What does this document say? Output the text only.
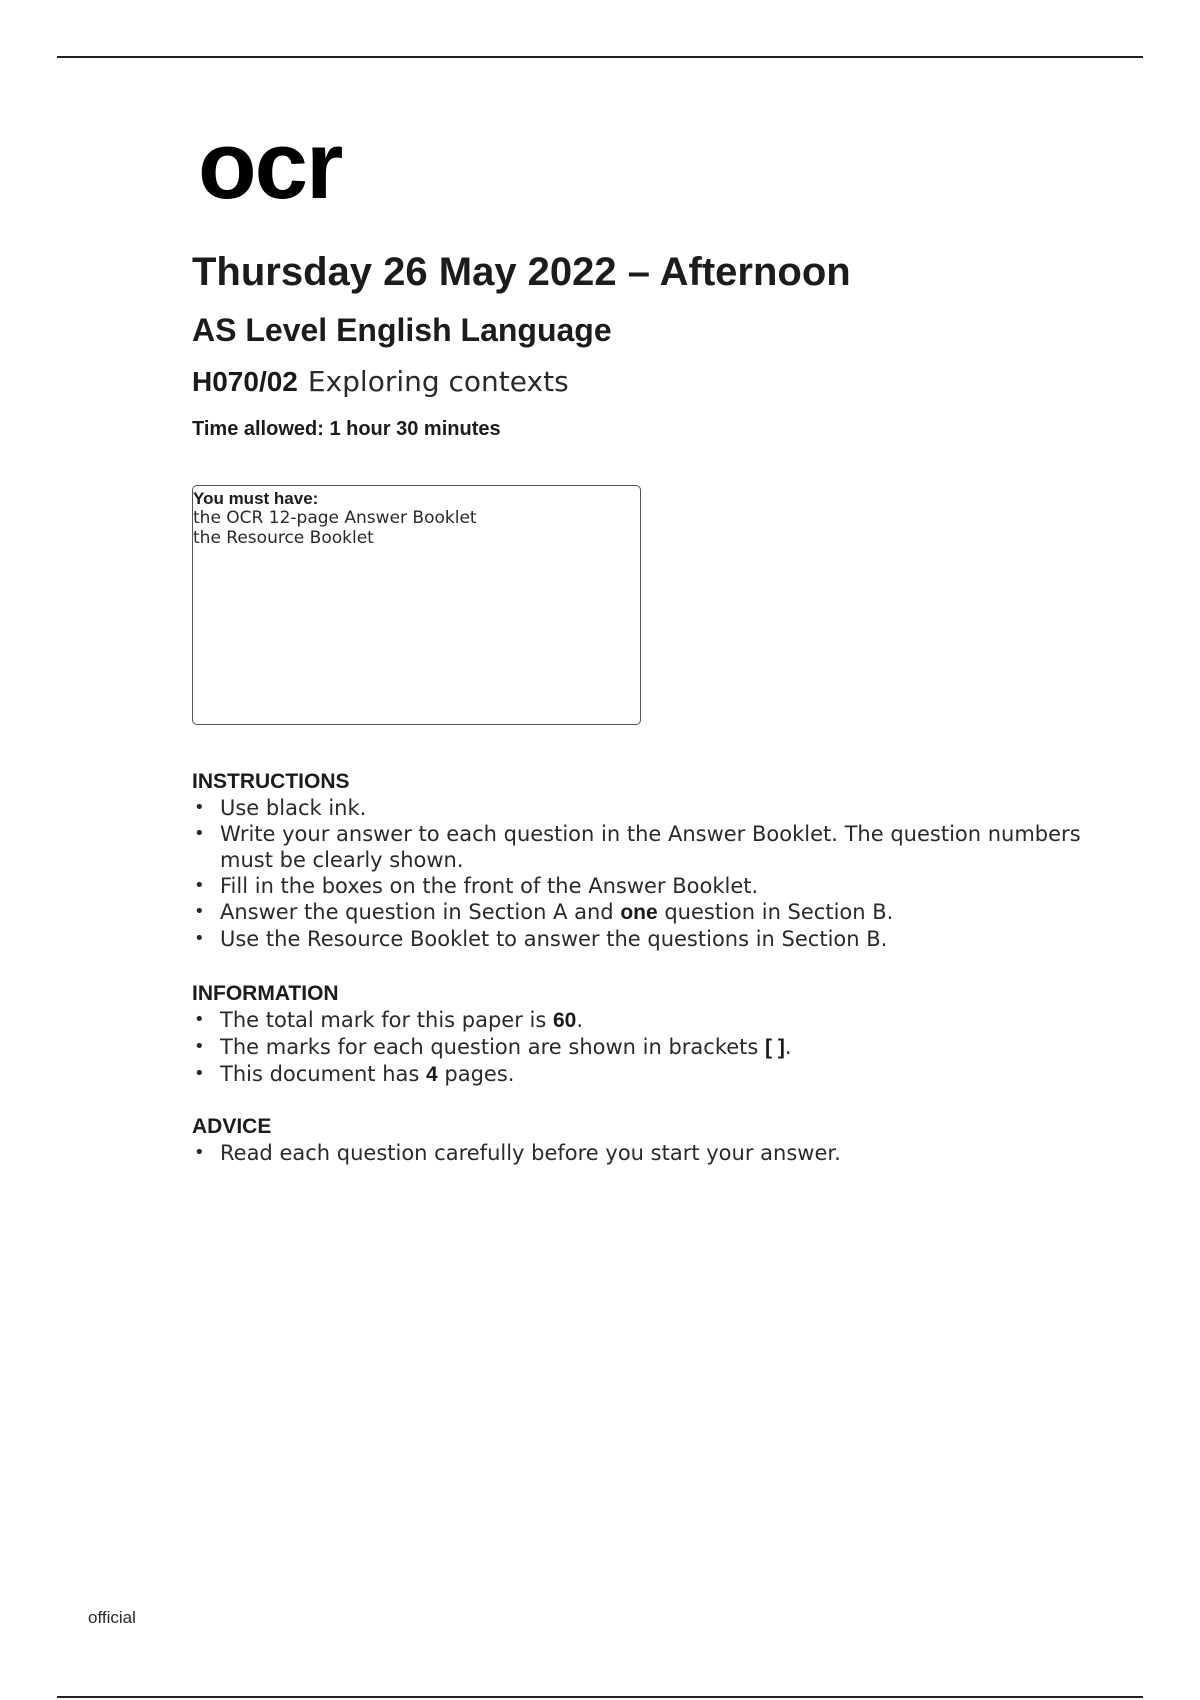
ocr
Thursday 26 May 2022 – Afternoon
AS Level English Language
H070/02 Exploring contexts
Time allowed: 1 hour 30 minutes
You must have:
the OCR 12-page Answer Booklet
the Resource Booklet
INSTRUCTIONS
• Use black ink.
• Write your answer to each question in the Answer Booklet. The question numbers must be clearly shown.
• Fill in the boxes on the front of the Answer Booklet.
• Answer the question in Section A and one question in Section B.
• Use the Resource Booklet to answer the questions in Section B.
INFORMATION
• The total mark for this paper is 60.
• The marks for each question are shown in brackets [ ].
• This document has 4 pages.
ADVICE
• Read each question carefully before you start your answer.
official
